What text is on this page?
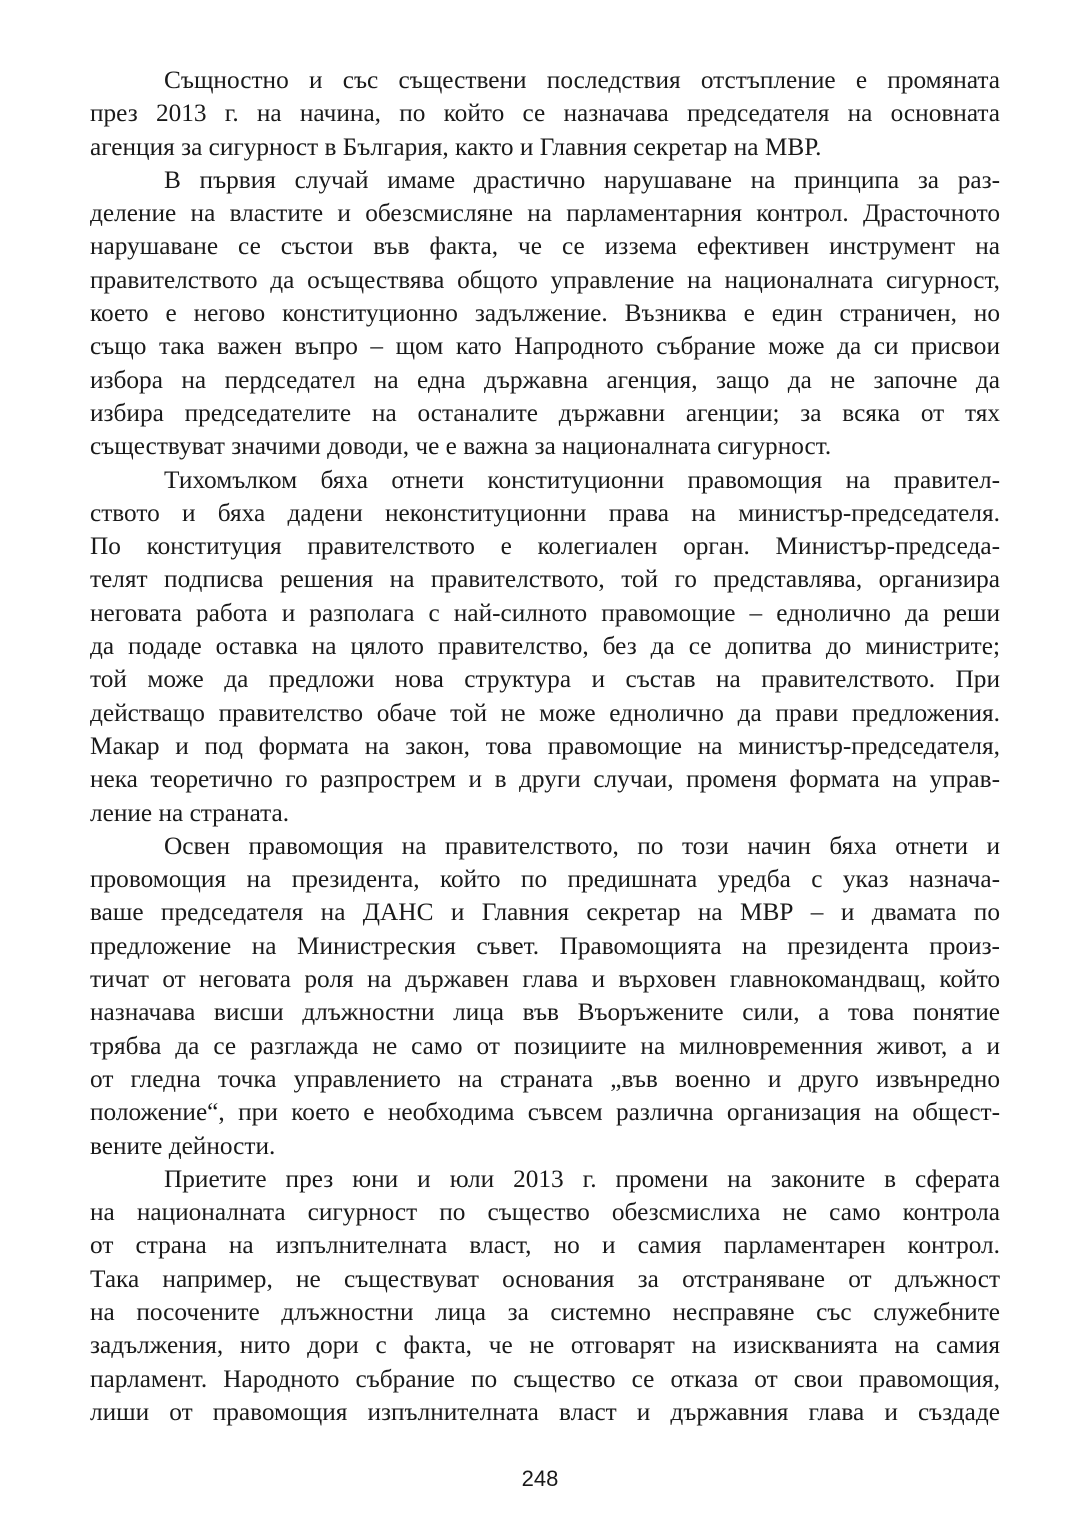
Същностно и със съществени последствия отстъпление е промяната
през 2013 г. на начина, по който се назначава председателя на основната
агенция за сигурност в България, както и Главния секретар на МВР.
В първия случай имаме драстично нарушаване на принципа за раз-
деление на властите и обезсмисляне на парламентарния контрол. Драсточното
нарушаване се състои във факта, че се иззема ефективен инструмент на
правителството да осъществява общото управление на националната сигурност,
което е негово конституционно задължение. Възниква е един страничен, но
също така важен въпро – щом като Напродното събрание може да си присвои
избора на пердседател на една държавна агенция, защо да не започне да
избира председателите на останалите държавни агенции; за всяка от тях
съществуват значими доводи, че е важна за националната сигурност.
Тихомълком бяха отнети конституционни правомощия на правител-
ството и бяха дадени неконституционни права на министър-председателя.
По конституция правителството е колегиален орган. Министър-председа-
телят подписва решения на правителството, той го представлява, организира
неговата работа и разполага с най-силното правомощие – еднолично да реши
да подаде оставка на цялото правителство, без да се допитва до министрите;
той може да предложи нова структура и състав на правителството. При
действащо правителство обаче той не може еднолично да прави предложения.
Макар и под формата на закон, това правомощие на министър-председателя,
нека теоретично го разпрострем и в други случаи, променя формата на управ-
ление на страната.
Освен правомощия на правителството, по този начин бяха отнети и
провомощия на президента, който по предишната уредба с указ назнача-
ваше председателя на ДАНС и Главния секретар на МВР – и двамата по
предложение на Министреския съвет. Правомощията на президента произ-
тичат от неговата роля на държавен глава и върховен главнокомандващ, който
назначава висши длъжностни лица във Въоръжените сили, а това понятие
трябва да се разглажда не само от позициите на милновременния живот, а и
от гледна точка управлението на страната „във военно и друго извънредно
положение“, при което е необходима съвсем различна организация на общест-
вените дейности.
Приетите през юни и юли 2013 г. промени на законите в сферата
на националната сигурност по същество обезсмислиха не само контрола
от страна на изпълнителната власт, но и самия парламентарен контрол.
Така например, не съществуват основания за отстраняване от длъжност
на посочените длъжностни лица за системно несправяне със служебните
задължения, нито дори с факта, че не отговарят на изискванията на самия
парламент. Народното събрание по същество се отказа от свои правомощия,
лиши от правомощия изпълнителната власт и държавния глава и създаде
248
